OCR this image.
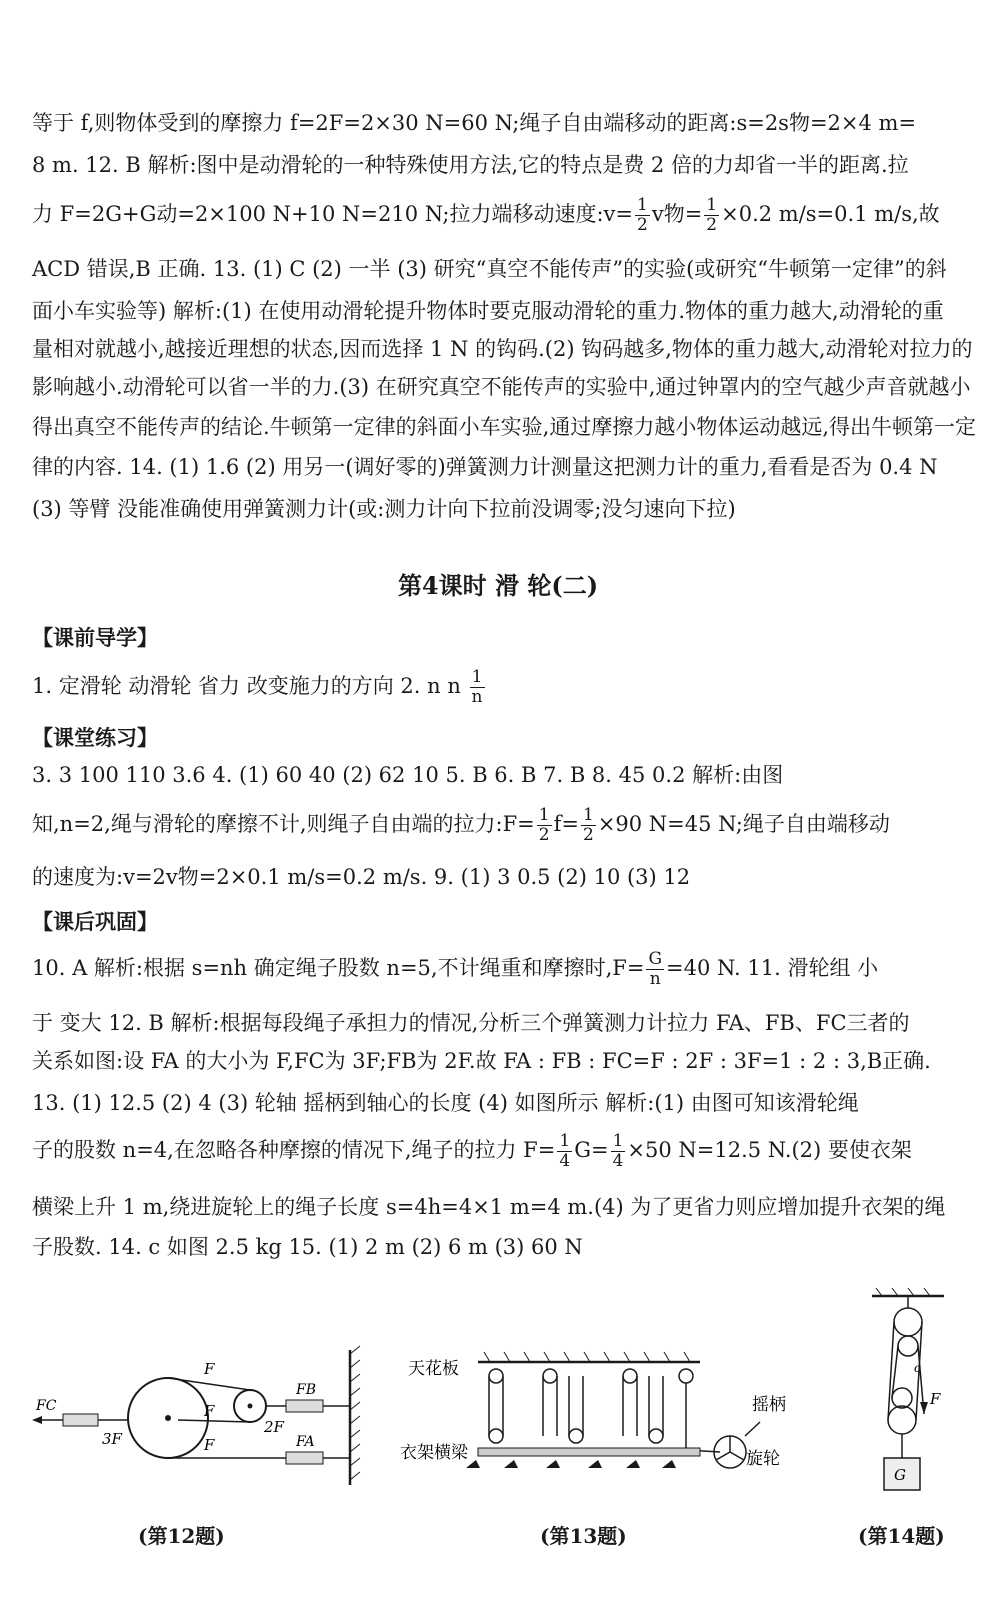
等于 f,则物体受到的摩擦力 f=2F=2×30 N=60 N;绳子自由端移动的距离:s=2s物=2×4 m=
8 m. 12. B 解析:图中是动滑轮的一种特殊使用方法,它的特点是费 2 倍的力却省一半的距离.拉
力 F=2G+G动=2×100 N+10 N=210 N;拉力端移动速度:v= $\frac{1}{2}$ v物= $\frac{1}{2} \times 0.2$ m/s=0.1 m/s,故
ACD 错误,B 正确. 13. (1) C (2) 一半 (3) 研究“真空不能传声”的实验(或研究“牛顿第一定律”的斜
面小车实验等) 解析:(1) 在使用动滑轮提升物体时要克服动滑轮的重力.物体的重力越大,动滑轮的重
量相对就越小,越接近理想的状态,因而选择 1 N 的钩码.(2) 钩码越多,物体的重力越大,动滑轮对拉力的
影响越小.动滑轮可以省一半的力.(3) 在研究真空不能传声的实验中,通过钟罩内的空气越少声音就越小
得出真空不能传声的结论.牛顿第一定律的斜面小车实验,通过摩擦力越小物体运动越远,得出牛顿第一定
律的内容. 14. (1) 1.6 (2) 用另一(调好零的)弹簧测力计测量这把测力计的重力,看看是否为 0.4 N
(3) 等臂 没能准确使用弹簧测力计(或:测力计向下拉前没调零;没匀速向下拉)
第4课时 滑 轮(二)
【课前导学】
1. 定滑轮 动滑轮 省力 改变施力的方向 2. n n $\frac{1}{n}$
【课堂练习】
3. 3 100 110 3.6 4. (1) 60 40 (2) 62 10 5. B 6. B 7. B 8. 45 0.2 解析:由图
知,n=2,绳与滑轮的摩擦不计,则绳子自由端的拉力:F= $\frac{1}{2} f= \frac{1}{2} \times 90$ N=45 N;绳子自由端移动
的速度为:v=2v物=2×0.1 m/s=0.2 m/s. 9. (1) 3 0.5 (2) 10 (3) 12
【课后巩固】
10. A 解析:根据 s=nh 确定绳子股数 n=5,不计绳重和摩擦时$,F= \frac{G}{n} =40$ N. 11. 滑轮组 小
于 变大 12. B 解析:根据每段绳子承担力的情况,分析三个弹簧测力计拉力 FA、FB、FC三者的
关系如图:设 FA 的大小为 F,FC为 3F;FB为 2F.故 FA : FB : FC=F : 2F : 3F=1 : 2 : 3,B正确.
13. (1) 12.5 (2) 4 (3) 轮轴 摇柄到轴心的长度 (4) 如图所示 解析:(1) 由图可知该滑轮绳
子的股数 n=4,在忽略各种摩擦的情况下,绳子的拉力 $F= \frac{1}{4} G= \frac{1}{4} \times 50$ N=12.5 N.(2) 要使衣架
横梁上升 1 m,绕进旋轮上的绳子长度 s=4h=4×1 m=4 m.(4) 为了更省力则应增加提升衣架的绳
子股数. 14. c 如图 2.5 kg 15. (1) 2 m (2) 6 m (3) 60 N
F
F
F
FB
FA
FC
2F
3F
(第12题)
天花板
衣架横梁
摇柄
旋轮
(第13题)
F
G
c
(第14题)
